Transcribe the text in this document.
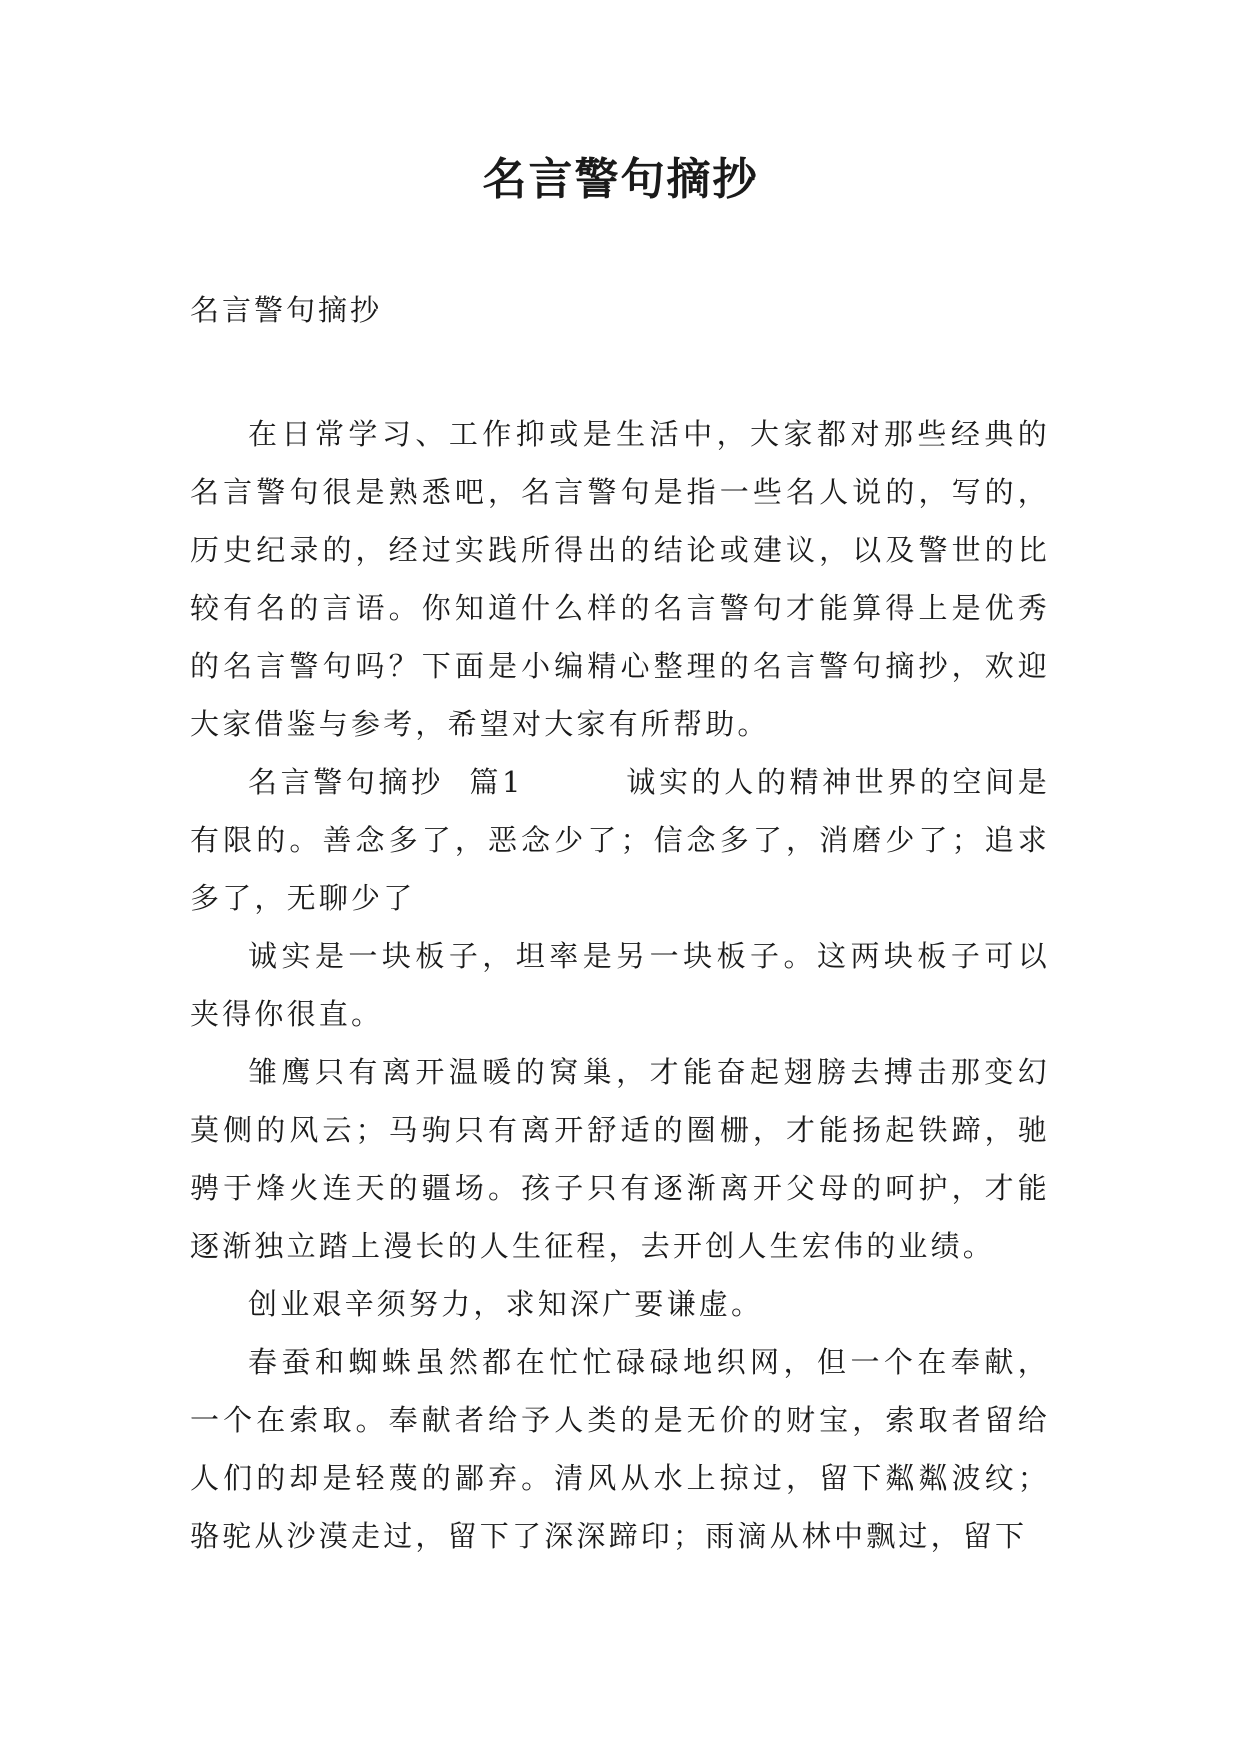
名言警句摘抄
名言警句摘抄

在日常学习、工作抑或是生活中，大家都对那些经典的名言警句很是熟悉吧，名言警句是指一些名人说的，写的，历史纪录的，经过实践所得出的结论或建议，以及警世的比较有名的言语。你知道什么样的名言警句才能算得上是优秀的名言警句吗？下面是小编精心整理的名言警句摘抄，欢迎大家借鉴与参考，希望对大家有所帮助。

名言警句摘抄  篇1        诚实的人的精神世界的空间是有限的。善念多了，恶念少了；信念多了，消磨少了；追求多了，无聊少了

诚实是一块板子，坦率是另一块板子。这两块板子可以夹得你很直。

雏鹰只有离开温暖的窝巢，才能奋起翅膀去搏击那变幻莫侧的风云；马驹只有离开舒适的圈栅，才能扬起铁蹄，驰骋于烽火连天的疆场。孩子只有逐渐离开父母的呵护，才能逐渐独立踏上漫长的人生征程，去开创人生宏伟的业绩。

创业艰辛须努力，求知深广要谦虚。

春蚕和蜘蛛虽然都在忙忙碌碌地织网，但一个在奉献，一个在索取。奉献者给予人类的是无价的财宝，索取者留给人们的却是轻蔑的鄙弃。清风从水上掠过，留下粼粼波纹；骆驼从沙漠走过，留下了深深蹄印；雨滴从林中飘过，留下
